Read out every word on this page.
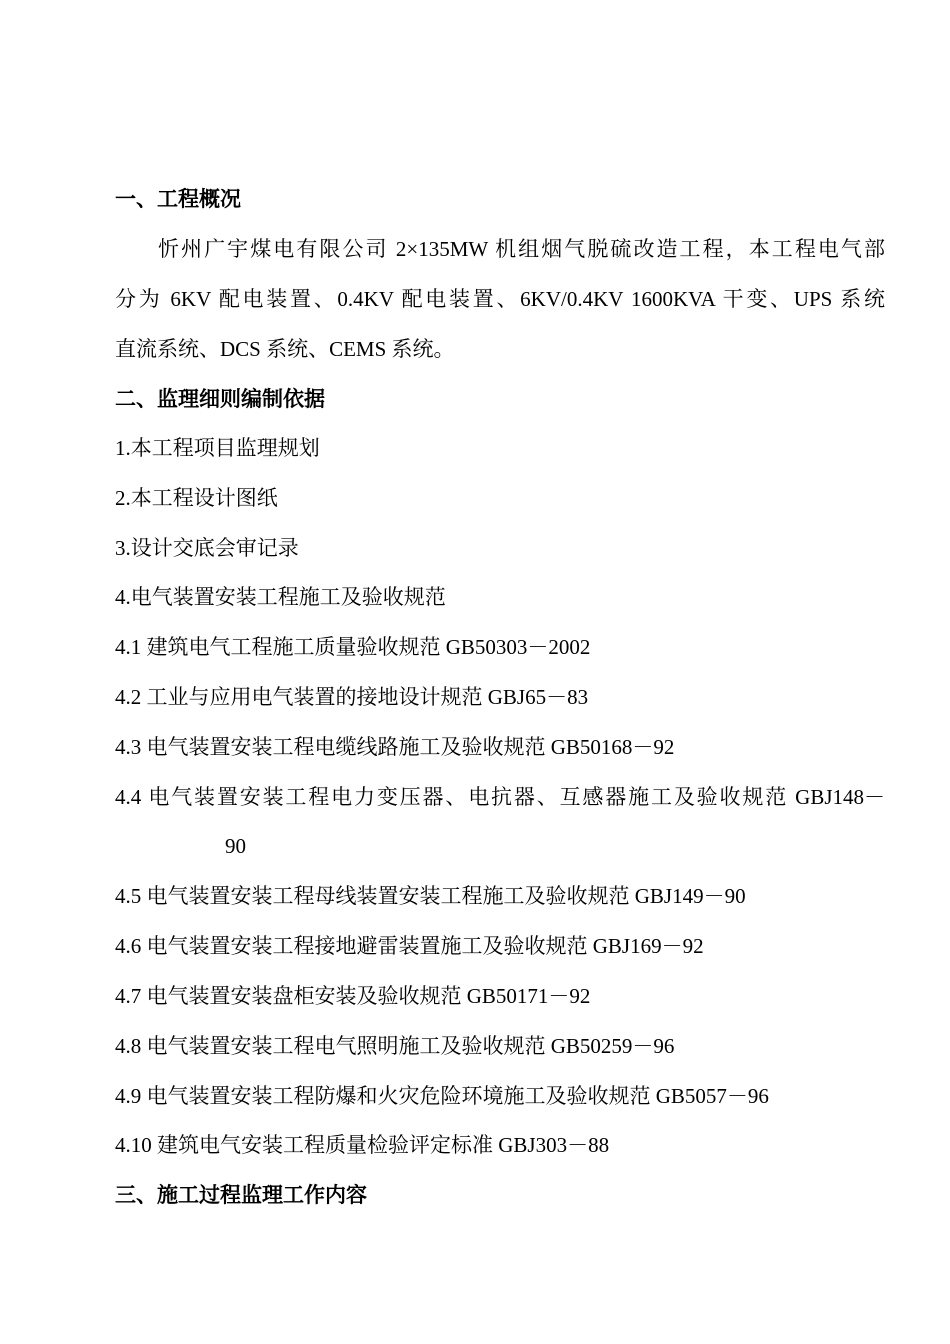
一、工程概况
忻州广宇煤电有限公司 2×135MW 机组烟气脱硫改造工程，本工程电气部
分为 6KV 配电装置、0.4KV 配电装置、6KV/0.4KV 1600KVA 干变、UPS 系统
直流系统、DCS 系统、CEMS 系统。
二、监理细则编制依据
1.本工程项目监理规划
2.本工程设计图纸
3.设计交底会审记录
4.电气装置安装工程施工及验收规范
4.1 建筑电气工程施工质量验收规范 GB50303－2002
4.2 工业与应用电气装置的接地设计规范 GBJ65－83
4.3 电气装置安装工程电缆线路施工及验收规范 GB50168－92
4.4 电气装置安装工程电力变压器、电抗器、互感器施工及验收规范 GBJ148－
90
4.5 电气装置安装工程母线装置安装工程施工及验收规范 GBJ149－90
4.6 电气装置安装工程接地避雷装置施工及验收规范 GBJ169－92
4.7 电气装置安装盘柜安装及验收规范 GB50171－92
4.8 电气装置安装工程电气照明施工及验收规范 GB50259－96
4.9 电气装置安装工程防爆和火灾危险环境施工及验收规范 GB5057－96
4.10 建筑电气安装工程质量检验评定标准 GBJ303－88
三、施工过程监理工作内容
